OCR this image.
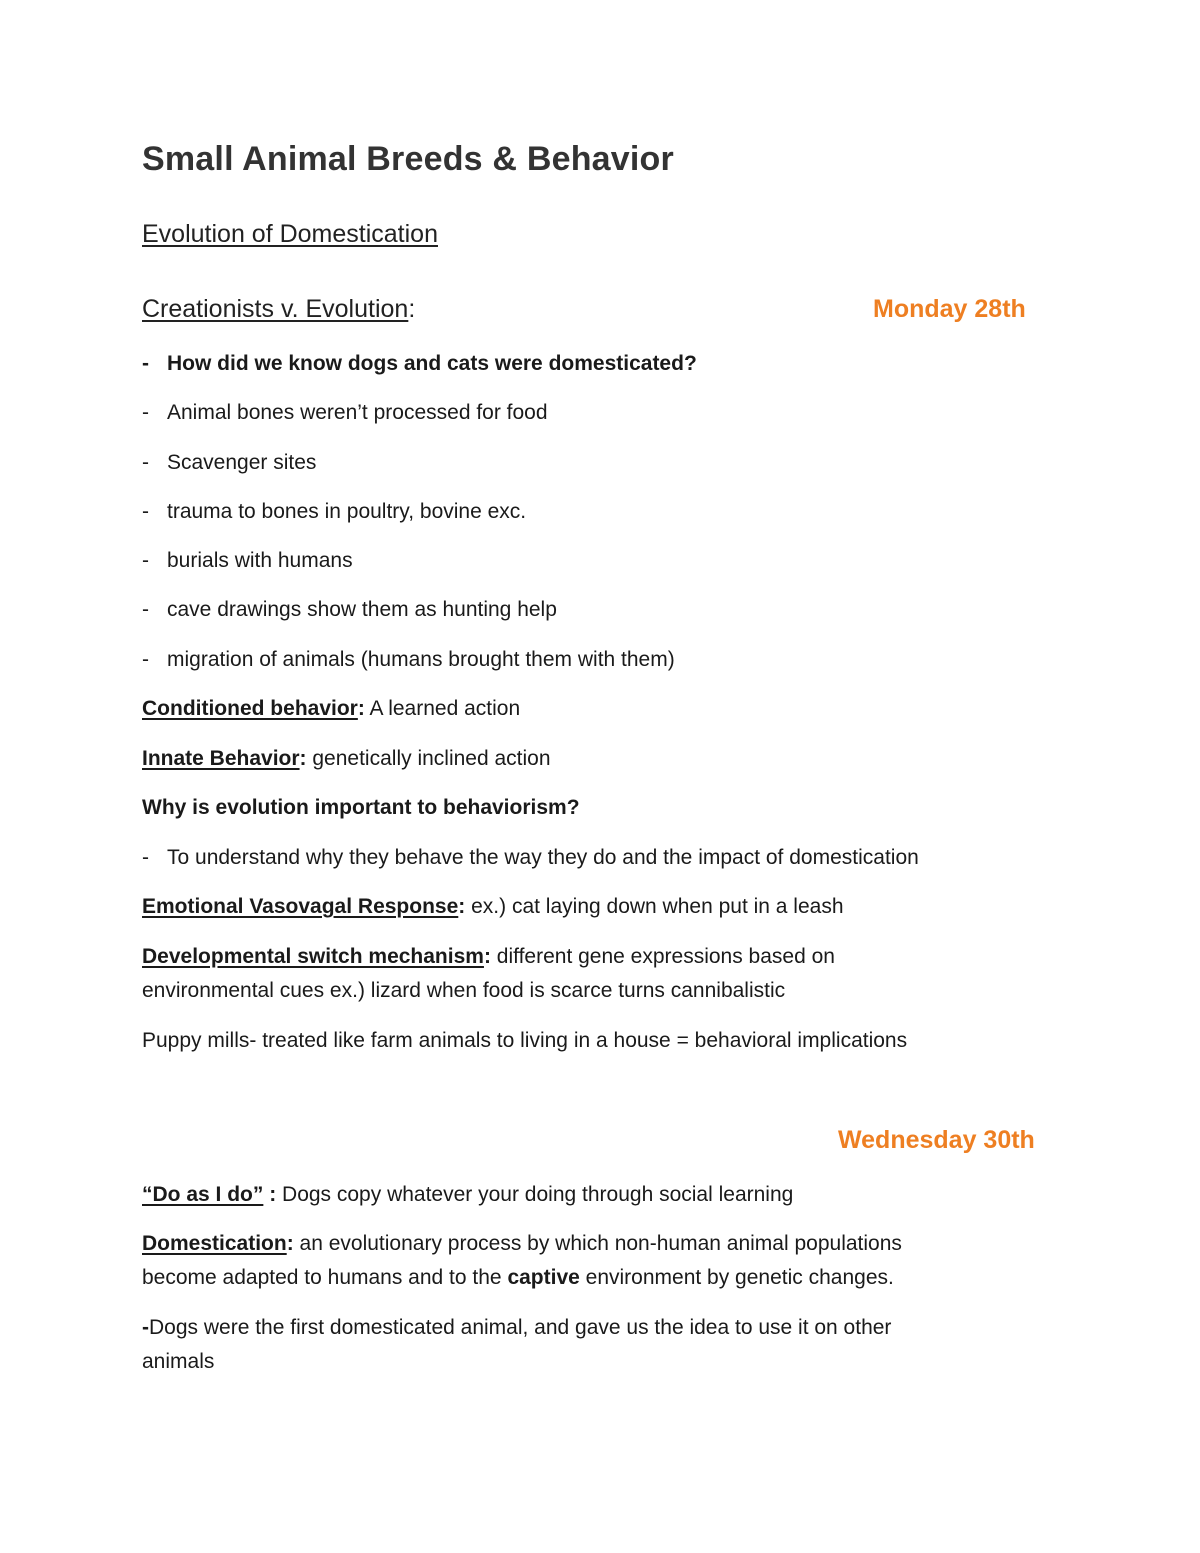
Small Animal Breeds & Behavior
Evolution of Domestication
Creationists v. Evolution:	Monday 28th
- How did we know dogs and cats were domesticated?
- Animal bones weren’t processed for food
- Scavenger sites
- trauma to bones in poultry, bovine exc.
- burials with humans
- cave drawings show them as hunting help
- migration of animals (humans brought them with them)
Conditioned behavior: A learned action
Innate Behavior: genetically inclined action
Why is evolution important to behaviorism?
- To understand why they behave the way they do and the impact of domestication
Emotional Vasovagal Response: ex.) cat laying down when put in a leash
Developmental switch mechanism: different gene expressions based on
environmental cues ex.) lizard when food is scarce turns cannibalistic
Puppy mills- treated like farm animals to living in a house = behavioral implications
Wednesday 30th
“Do as I do” : Dogs copy whatever your doing through social learning
Domestication: an evolutionary process by which non-human animal populations
become adapted to humans and to the captive environment by genetic changes.
-Dogs were the first domesticated animal, and gave us the idea to use it on other
animals
